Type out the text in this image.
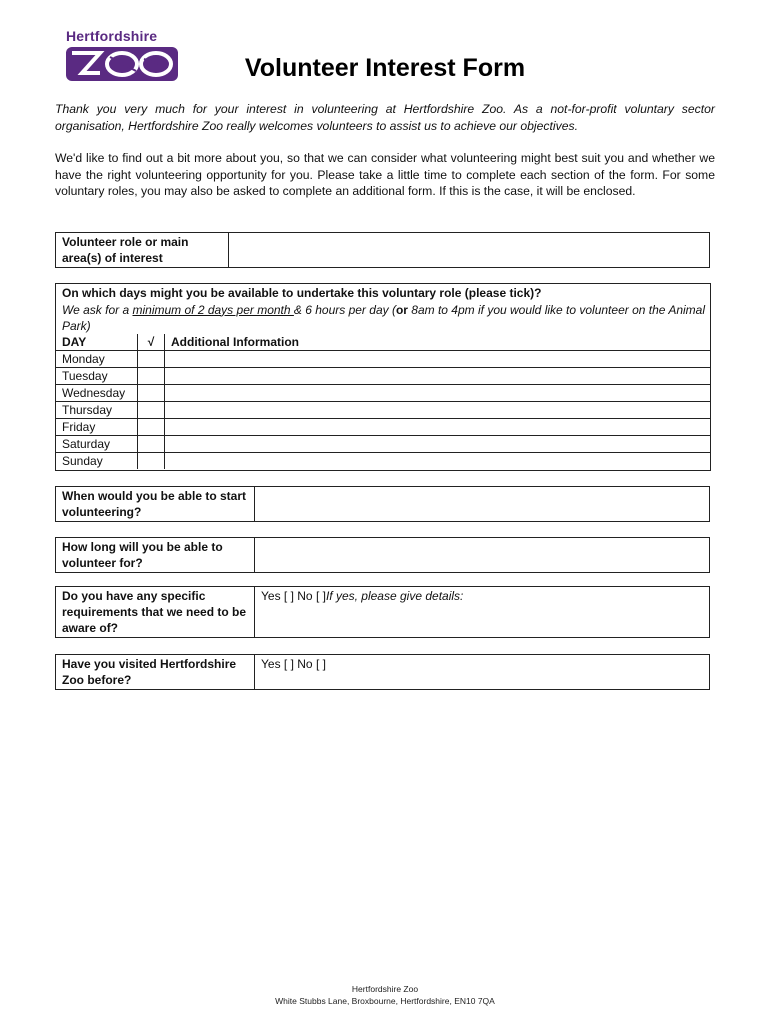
Hertfordshire
Volunteer Interest Form

Thank you very much for your interest in volunteering at Hertfordshire Zoo. As a not-for-profit voluntary sector organisation, Hertfordshire Zoo really welcomes volunteers to assist us to achieve our objectives.

We'd like to find out a bit more about you, so that we can consider what volunteering might best suit you and whether we have the right volunteering opportunity for you. Please take a little time to complete each section of the form. For some voluntary roles, you may also be asked to complete an additional form. If this is the case, it will be enclosed.

Volunteer role or main area(s) of interest	
On which days might you be available to undertake this voluntary role (please tick)?
We ask for a minimum of 2 days per month & 6 hours per day (or 8am to 4pm if you would like to volunteer on the Animal Park)
DAY	√	Additional Information
Monday		
Tuesday		
Wednesday		
Thursday		
Friday		
Saturday		
Sunday		
When would you be able to start volunteering?	
How long will you be able to volunteer for?	
Do you have any specific requirements that we need to be aware of?	Yes [ ] No [ ]If yes, please give details:
Have you visited Hertfordshire Zoo before?	Yes [ ] No [ ]
Hertfordshire Zoo
White Stubbs Lane, Broxbourne, Hertfordshire, EN10 7QA
